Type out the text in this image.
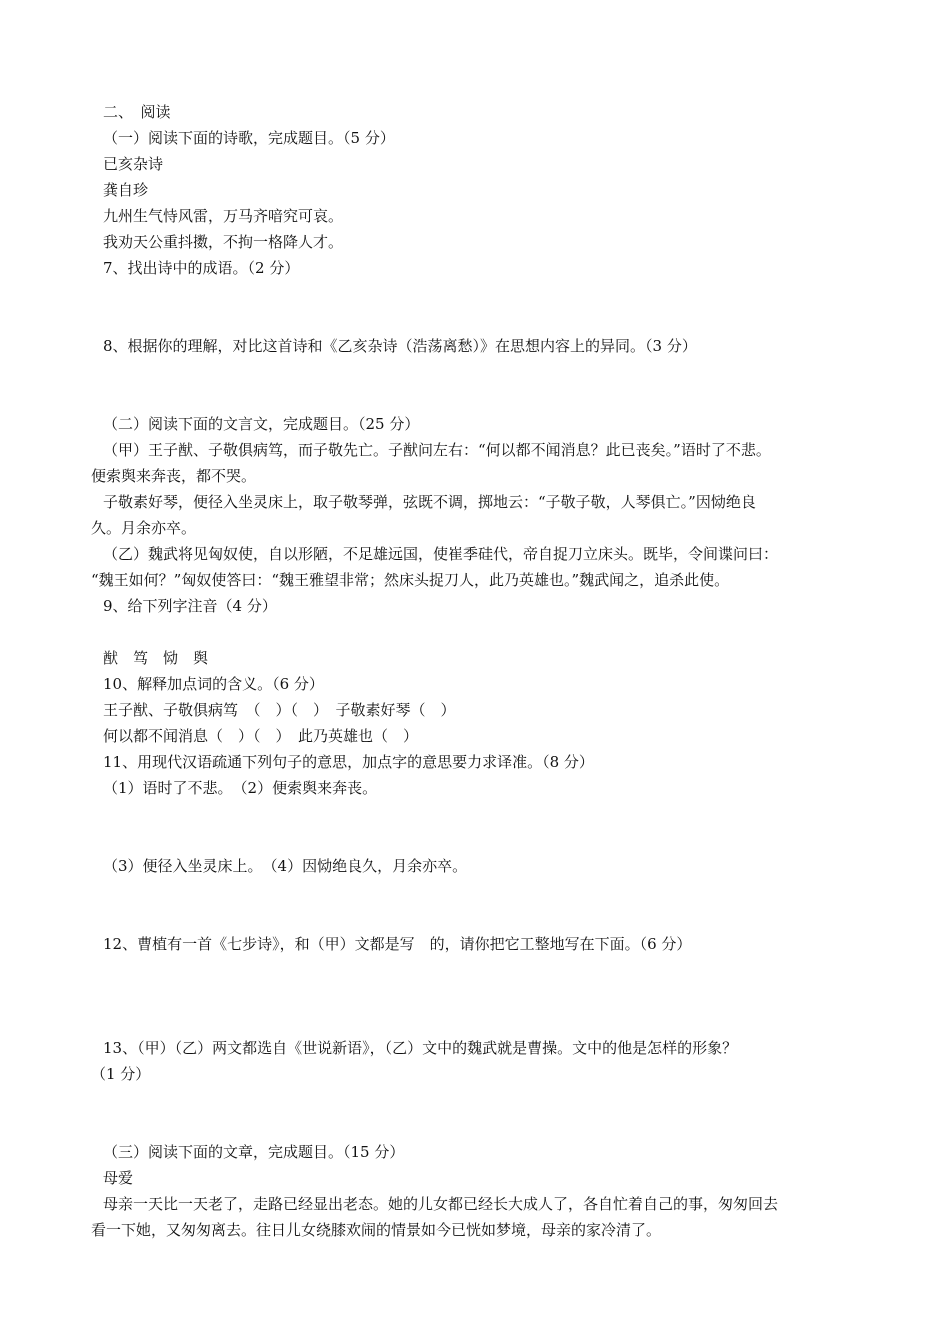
二、　阅读
（一）阅读下面的诗歌，完成题目。（5 分）
已亥杂诗
龚自珍
九州生气恃风雷，万马齐喑究可哀。
我劝天公重抖擞，不拘一格降人才。
7、找出诗中的成语。（2 分）
8、根据你的理解，对比这首诗和《乙亥杂诗（浩荡离愁）》在思想内容上的异同。（3 分）
（二）阅读下面的文言文，完成题目。（25 分）
（甲）王子猷、子敬俱病笃，而子敬先亡。子猷问左右：“何以都不闻消息？此已丧矣。”语时了不悲。
便索舆来奔丧，都不哭。
子敬素好琴，便径入坐灵床上，取子敬琴弹，弦既不调，掷地云：“子敬子敬，人琴俱亡。”因恸绝良
久。月余亦卒。
（乙）魏武将见匈奴使，自以形陋，不足雄远国，使崔季硅代，帝自捉刀立床头。既毕，令间谍问曰：
“魏王如何？”匈奴使答曰：“魏王雅望非常；然床头捉刀人，此乃英雄也。”魏武闻之，追杀此使。
9、给下列字注音（4 分）
猷　笃　恸　舆
10、解释加点词的含义。（6 分）
王子猷、子敬俱病笃　（　）（　）　子敬素好琴（　）
何以都不闻消息（　）（　）　此乃英雄也（　）
11、用现代汉语疏通下列句子的意思，加点字的意思要力求译准。（8 分）
（1）语时了不悲。　（2）便索舆来奔丧。
（3）便径入坐灵床上。　（4）因恸绝良久，月余亦卒。
12、曹植有一首《七步诗》，和（甲）文都是写　的，请你把它工整地写在下面。（6 分）
13、（甲）（乙）两文都选自《世说新语》，（乙）文中的魏武就是曹操。文中的他是怎样的形象？
（1 分）
（三）阅读下面的文章，完成题目。（15 分）
母爱
母亲一天比一天老了，走路已经显出老态。她的儿女都已经长大成人了，各自忙着自己的事，匆匆回去
看一下她，又匆匆离去。往日儿女绕膝欢闹的情景如今已恍如梦境，母亲的家冷清了。
